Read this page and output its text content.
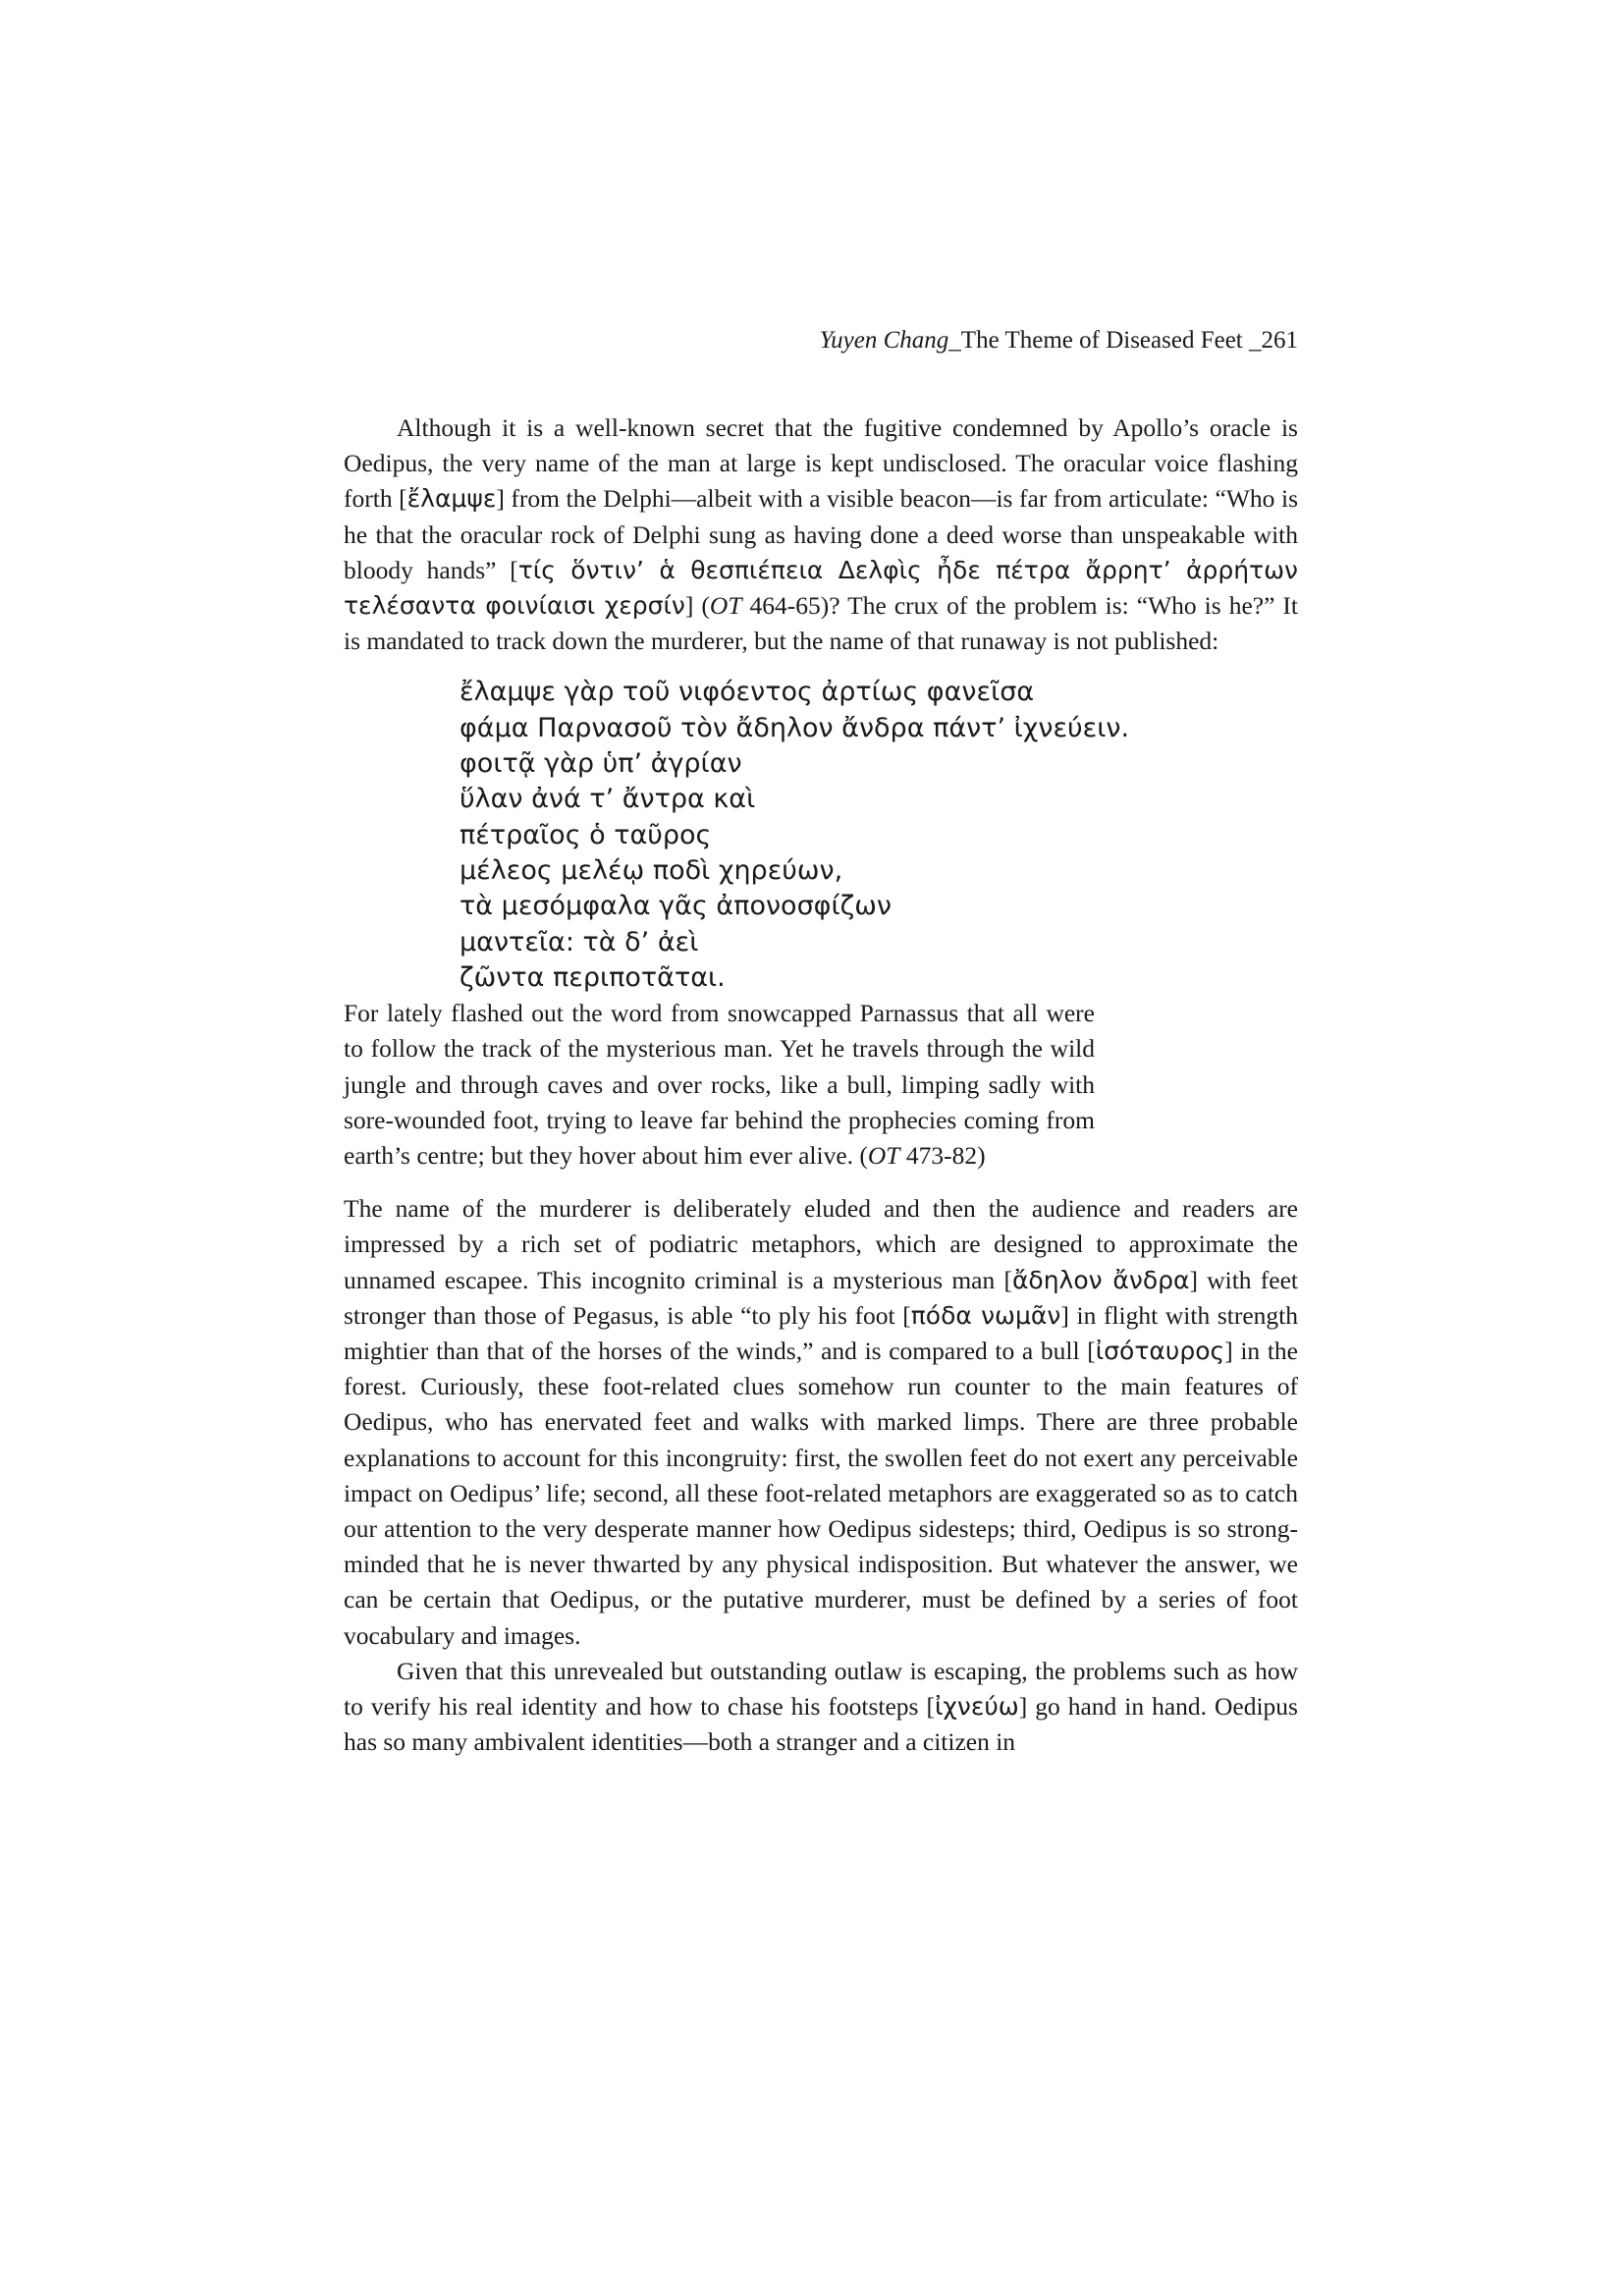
Yuyen Chang_The Theme of Diseased Feet _261

Although it is a well-known secret that the fugitive condemned by Apollo’s oracle is Oedipus, the very name of the man at large is kept undisclosed. The oracular voice flashing forth [ἔλαμψε] from the Delphi—albeit with a visible beacon—is far from articulate: “Who is he that the oracular rock of Delphi sung as having done a deed worse than unspeakable with bloody hands” [τίς ὅντιν’ ἁ θεσπιέπεια Δελφὶς ἦδε πέτρα ἄρρητ’ ἀρρήτων τελέσαντα φοινίαισι χερσίν] (OT 464-65)? The crux of the problem is: “Who is he?” It is mandated to track down the murderer, but the name of that runaway is not published:

ἔλαμψε γὰρ τοῦ νιφόεντος ἀρτίως φανεῖσα
φάμα Παρνασοῦ τὸν ἄδηλον ἄνδρα πάντ’ ἰχνεύειν.
φοιτᾷ γὰρ ὑπ’ ἀγρίαν
ὕλαν ἀνά τ’ ἄντρα καὶ
πέτραῖος ὁ ταῦρος
μέλεος μελέῳ ποδὶ χηρεύων,
τὰ μεσόμφαλα γᾶς ἀπονοσφίζων
μαντεῖα: τὰ δ’ ἀεὶ
ζῶντα περιποτᾶται.

For lately flashed out the word from snowcapped Parnassus that all were to follow the track of the mysterious man. Yet he travels through the wild jungle and through caves and over rocks, like a bull, limping sadly with sore-wounded foot, trying to leave far behind the prophecies coming from earth’s centre; but they hover about him ever alive. (OT 473-82)

The name of the murderer is deliberately eluded and then the audience and readers are impressed by a rich set of podiatric metaphors, which are designed to approximate the unnamed escapee. This incognito criminal is a mysterious man [ἄδηλον ἄνδρα] with feet stronger than those of Pegasus, is able “to ply his foot [πόδα νωμᾶν] in flight with strength mightier than that of the horses of the winds,” and is compared to a bull [ἰσόταυρος] in the forest. Curiously, these foot-related clues somehow run counter to the main features of Oedipus, who has enervated feet and walks with marked limps. There are three probable explanations to account for this incongruity: first, the swollen feet do not exert any perceivable impact on Oedipus’ life; second, all these foot-related metaphors are exaggerated so as to catch our attention to the very desperate manner how Oedipus sidesteps; third, Oedipus is so strong-minded that he is never thwarted by any physical indisposition. But whatever the answer, we can be certain that Oedipus, or the putative murderer, must be defined by a series of foot vocabulary and images.

Given that this unrevealed but outstanding outlaw is escaping, the problems such as how to verify his real identity and how to chase his footsteps [ἰχνεύω] go hand in hand. Oedipus has so many ambivalent identities—both a stranger and a citizen in
